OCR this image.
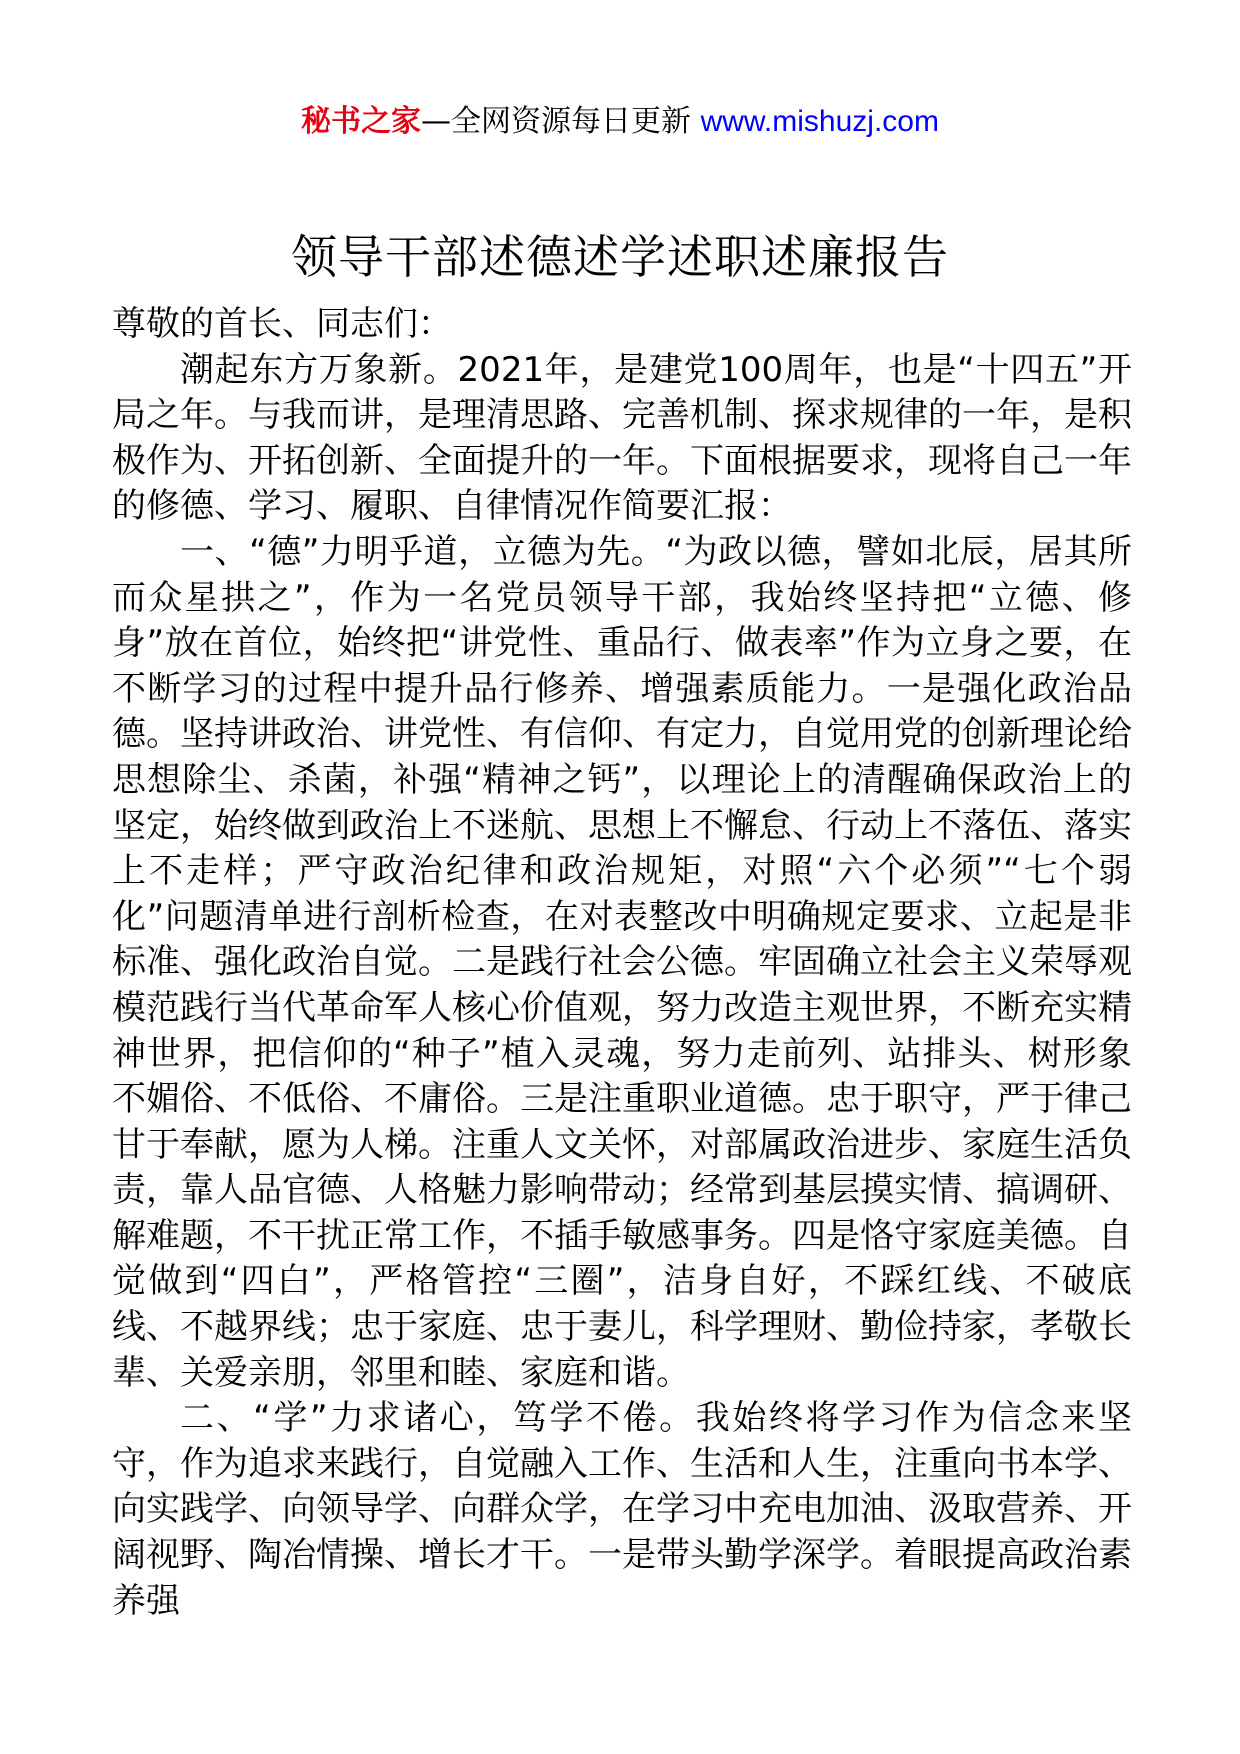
秘书之家—全网资源每日更新 www.mishuzj.com
领导干部述德述学述职述廉报告

尊敬的首长、同志们：

潮起东方万象新。2021年，是建党100周年，也是“十四五”开局之年。与我而讲，是理清思路、完善机制、探求规律的一年，是积极作为、开拓创新、全面提升的一年。下面根据要求，现将自己一年的修德、学习、履职、自律情况作简要汇报：

一、“德”力明乎道，立德为先。“为政以德，譬如北辰，居其所而众星拱之”，作为一名党员领导干部，我始终坚持把“立德、修身”放在首位，始终把“讲党性、重品行、做表率”作为立身之要，在不断学习的过程中提升品行修养、增强素质能力。一是强化政治品德。坚持讲政治、讲党性、有信仰、有定力，自觉用党的创新理论给思想除尘、杀菌，补强“精神之钙”，以理论上的清醒确保政治上的坚定，始终做到政治上不迷航、思想上不懈怠、行动上不落伍、落实上不走样；严守政治纪律和政治规矩，对照“六个必须”“七个弱化”问题清单进行剖析检查，在对表整改中明确规定要求、立起是非标准、强化政治自觉。二是践行社会公德。牢固确立社会主义荣辱观模范践行当代革命军人核心价值观，努力改造主观世界，不断充实精神世界，把信仰的“种子”植入灵魂，努力走前列、站排头、树形象不媚俗、不低俗、不庸俗。三是注重职业道德。忠于职守，严于律己甘于奉献，愿为人梯。注重人文关怀，对部属政治进步、家庭生活负责，靠人品官德、人格魅力影响带动；经常到基层摸实情、搞调研、解难题，不干扰正常工作，不插手敏感事务。四是恪守家庭美德。自觉做到“四白”，严格管控“三圈”，洁身自好，不踩红线、不破底线、不越界线；忠于家庭、忠于妻儿，科学理财、勤俭持家，孝敬长辈、关爱亲朋，邻里和睦、家庭和谐。

二、“学”力求诸心，笃学不倦。我始终将学习作为信念来坚守，作为追求来践行，自觉融入工作、生活和人生，注重向书本学、向实践学、向领导学、向群众学，在学习中充电加油、汲取营养、开阔视野、陶冶情操、增长才干。一是带头勤学深学。着眼提高政治素养强
